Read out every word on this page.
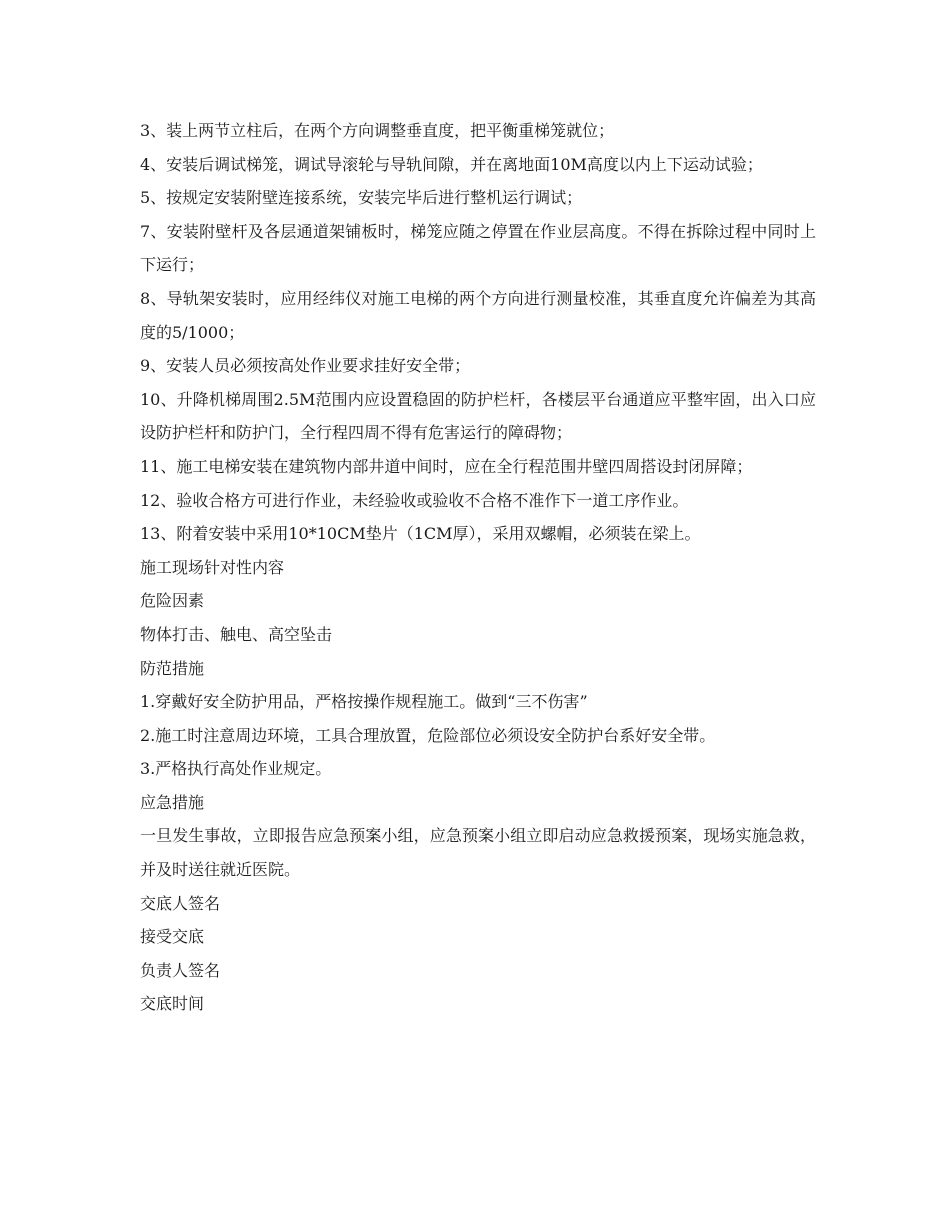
3、装上两节立柱后，在两个方向调整垂直度，把平衡重梯笼就位；

4、安装后调试梯笼，调试导滚轮与导轨间隙，并在离地面10M高度以内上下运动试验；

5、按规定安装附壁连接系统，安装完毕后进行整机运行调试；

7、安装附壁杆及各层通道架铺板时，梯笼应随之停置在作业层高度。不得在拆除过程中同时上下运行；

8、导轨架安装时，应用经纬仪对施工电梯的两个方向进行测量校准，其垂直度允许偏差为其高度的5/1000；

9、安装人员必须按高处作业要求挂好安全带；

10、升降机梯周围2.5M范围内应设置稳固的防护栏杆，各楼层平台通道应平整牢固，出入口应设防护栏杆和防护门，全行程四周不得有危害运行的障碍物；

11、施工电梯安装在建筑物内部井道中间时，应在全行程范围井壁四周搭设封闭屏障；

12、验收合格方可进行作业，未经验收或验收不合格不准作下一道工序作业。

13、附着安装中采用10*10CM垫片（1CM厚），采用双螺帽，必须装在梁上。

施工现场针对性内容

危险因素

物体打击、触电、高空坠击

防范措施

1.穿戴好安全防护用品，严格按操作规程施工。做到“三不伤害”

2.施工时注意周边环境，工具合理放置，危险部位必须设安全防护台系好安全带。

3.严格执行高处作业规定。

应急措施

一旦发生事故，立即报告应急预案小组，应急预案小组立即启动应急救援预案，现场实施急救，并及时送往就近医院。

交底人签名

接受交底

负责人签名

交底时间
